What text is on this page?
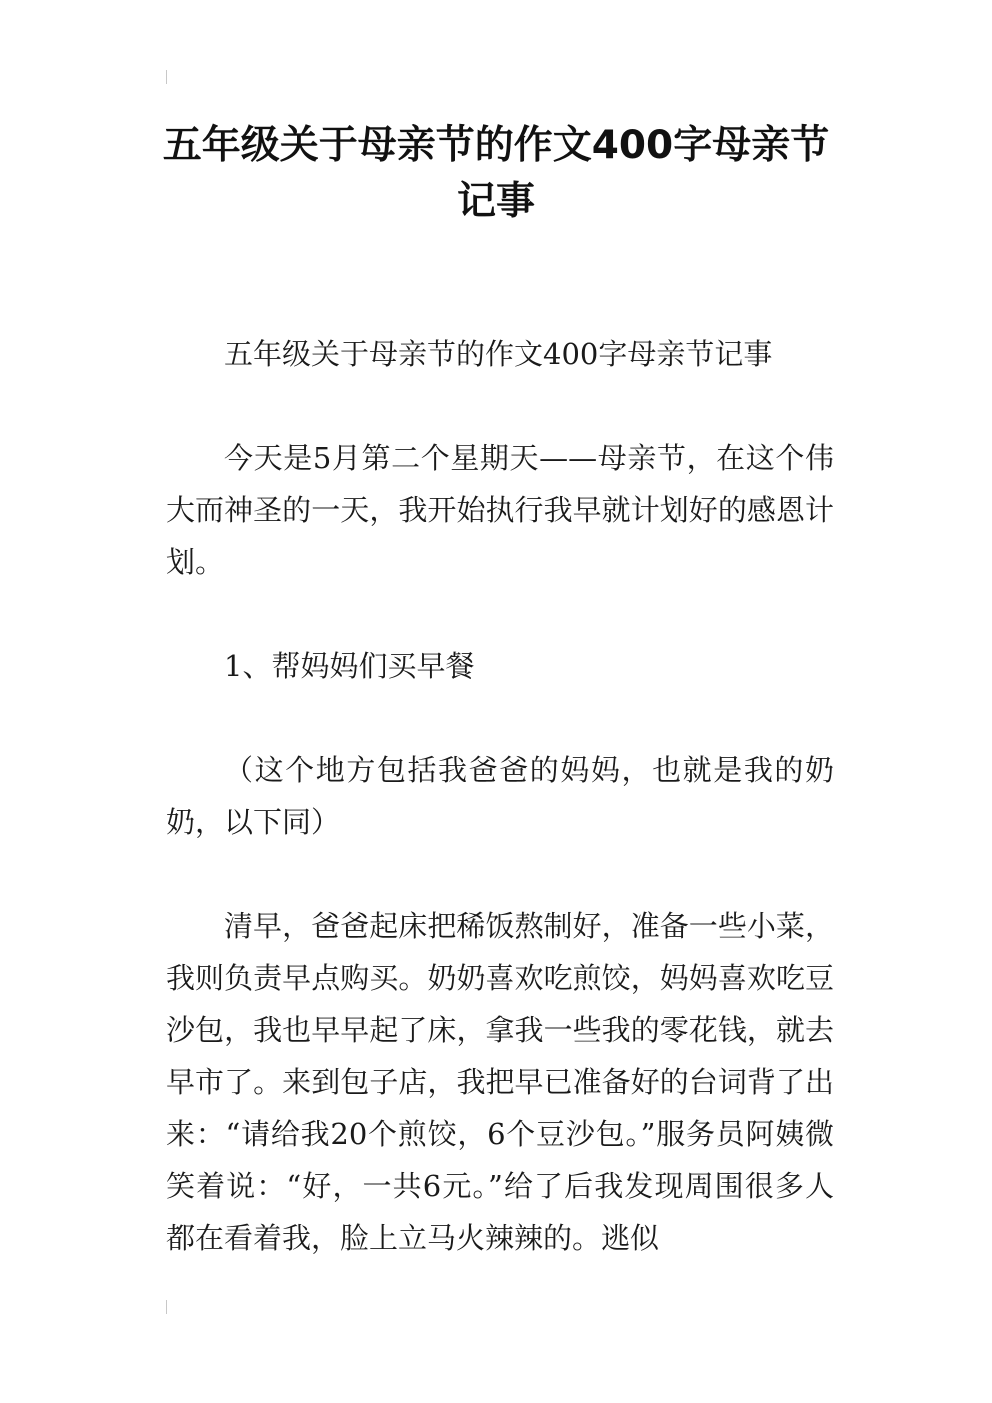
五年级关于母亲节的作文400字母亲节记事

五年级关于母亲节的作文400字母亲节记事

今天是5月第二个星期天——母亲节，在这个伟大而神圣的一天，我开始执行我早就计划好的感恩计划。

1、帮妈妈们买早餐

（这个地方包括我爸爸的妈妈，也就是我的奶奶，以下同）

清早，爸爸起床把稀饭熬制好，准备一些小菜，我则负责早点购买。奶奶喜欢吃煎饺，妈妈喜欢吃豆沙包，我也早早起了床，拿我一些我的零花钱，就去早市了。来到包子店，我把早已准备好的台词背了出来：“请给我20个煎饺，6个豆沙包。”服务员阿姨微笑着说：“好，一共6元。”给了后我发现周围很多人都在看着我，脸上立马火辣辣的。逃似
